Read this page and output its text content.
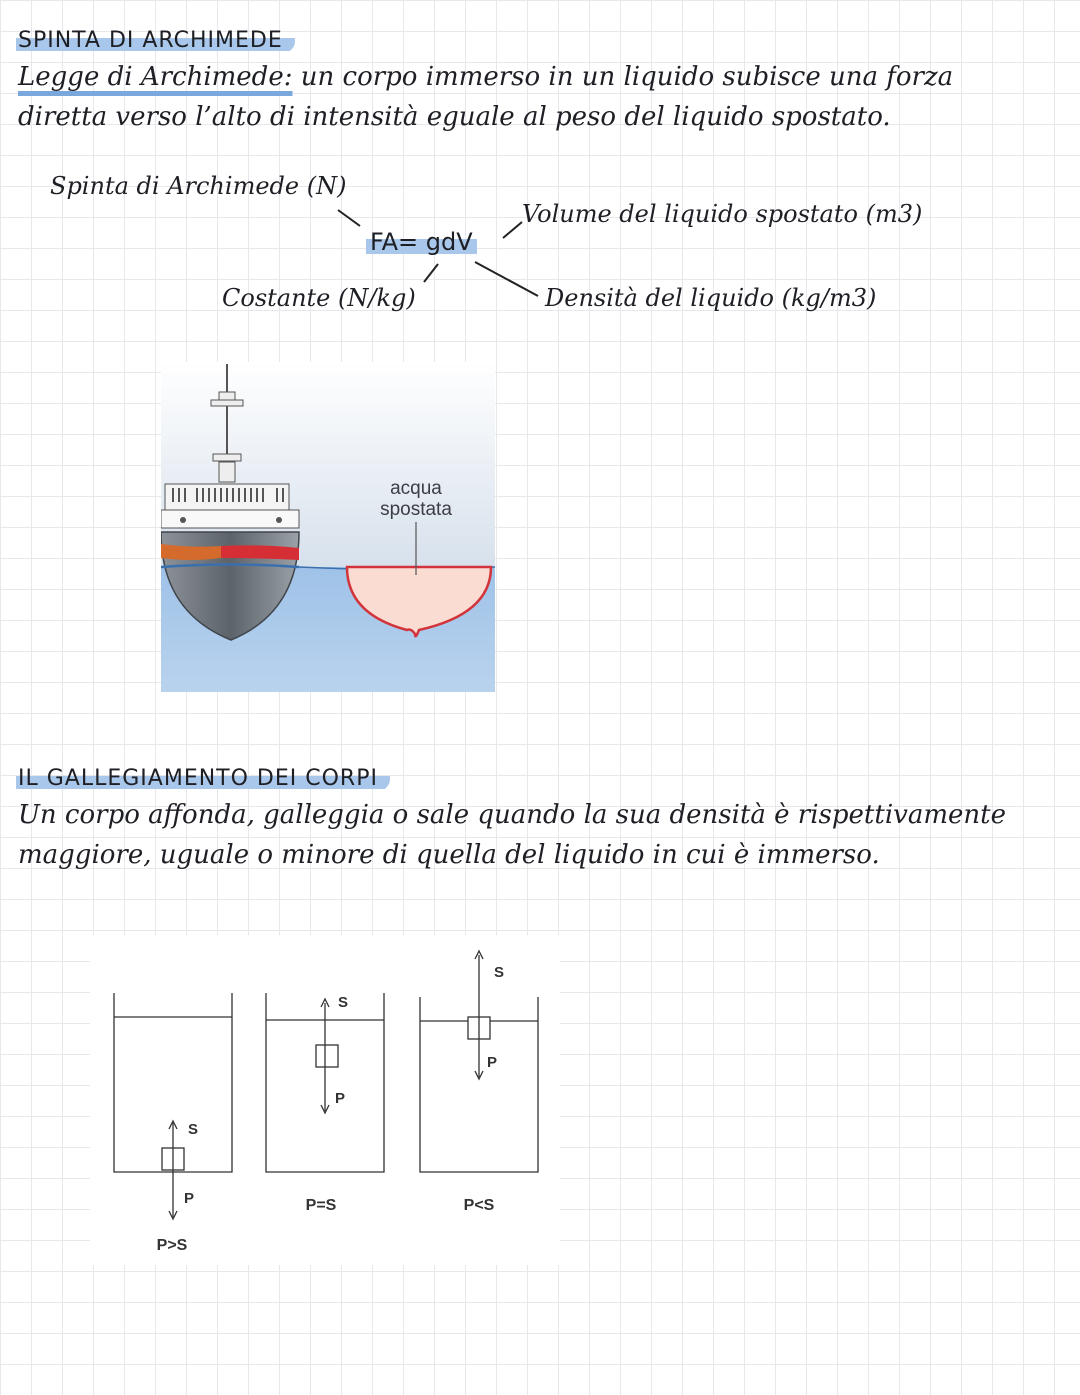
SPINTA DI ARCHIMEDE
Legge di Archimede: un corpo immerso in un liquido subisce una forza
diretta verso l’alto di intensità eguale al peso del liquido spostato.
Spinta di Archimede (N)
Volume del liquido spostato (m3)
FA= gdV
Costante (N/kg)	Densità del liquido (kg/m3)
acqua
spostata
IL GALLEGIAMENTO DEI CORPI
Un corpo affonda, galleggia o sale quando la sua densità è rispettivamente
maggiore, uguale o minore di quella del liquido in cui è immerso.
S
P
S
P
S
P
P>S
P=S	P<S
